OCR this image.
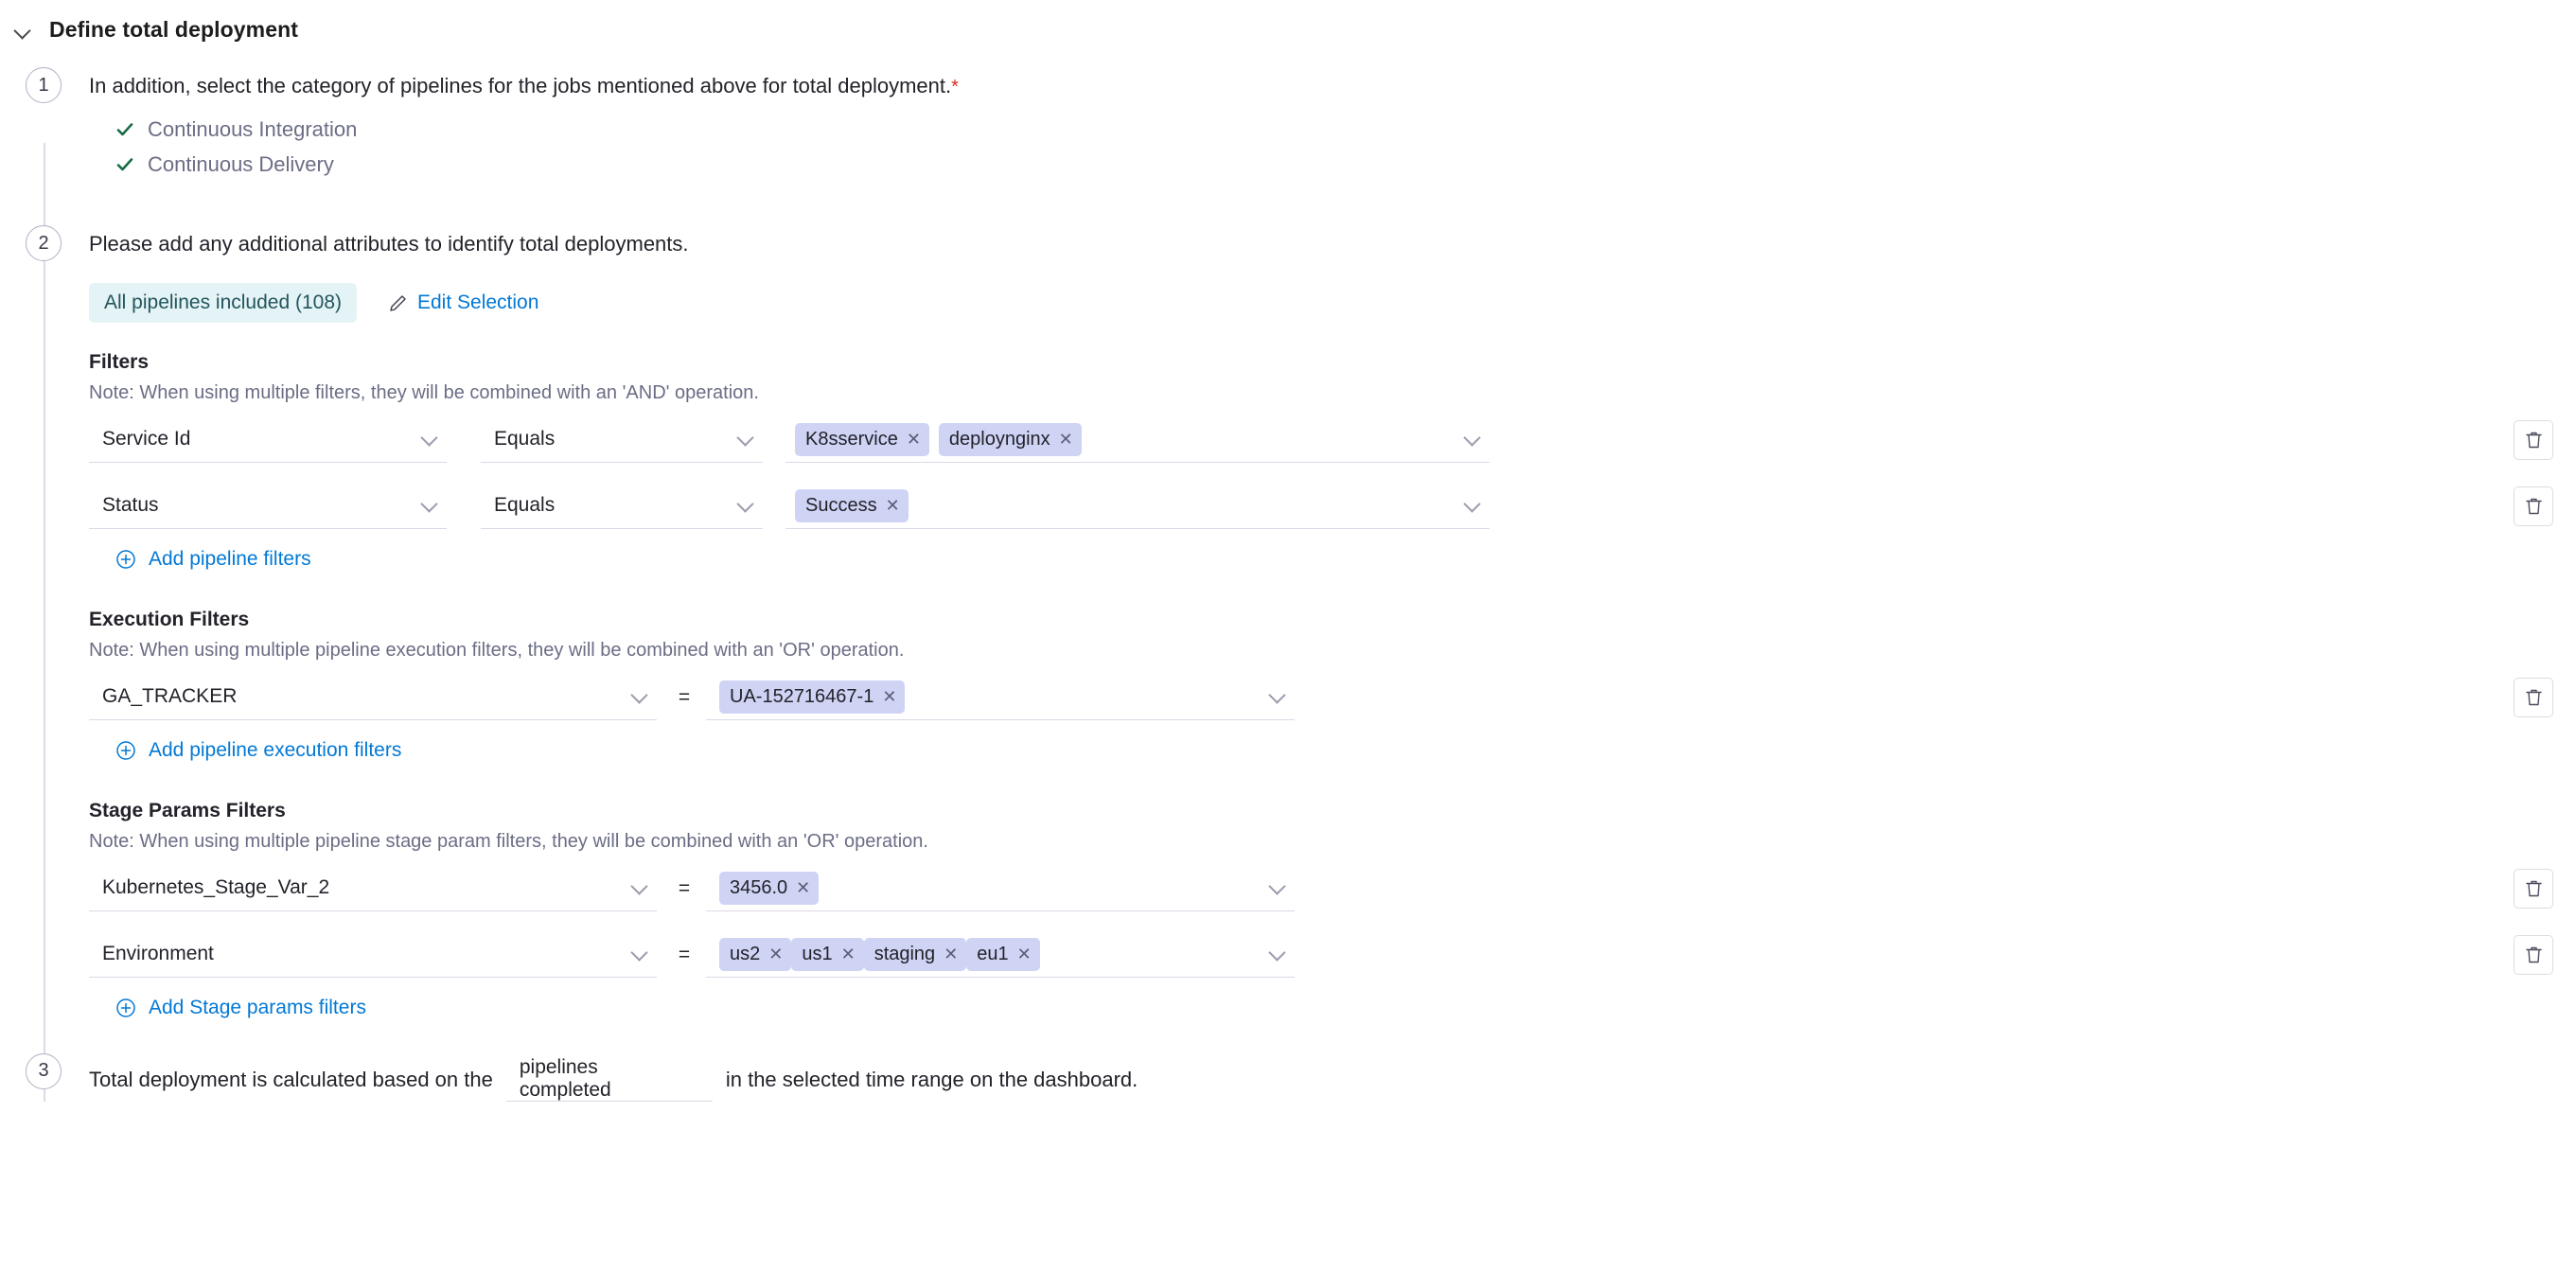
Define total deployment
1	In addition, select the category of pipelines for the jobs mentioned above for total deployment.*
Continuous Integration
Continuous Delivery
2	Please add any additional attributes to identify total deployments.
All pipelines included (108)	Edit Selection
Filters
Note: When using multiple filters, they will be combined with an 'AND' operation.
Service Id	Equals	K8sservice ✕ deploynginx ✕
Status	Equals	Success ✕
Add pipeline filters
Execution Filters
Note: When using multiple pipeline execution filters, they will be combined with an 'OR' operation.
GA_TRACKER	=	UA-152716467-1 ✕
Add pipeline execution filters
Stage Params Filters
Note: When using multiple pipeline stage param filters, they will be combined with an 'OR' operation.
Kubernetes_Stage_Var_2	=	3456.0 ✕
Environment	=	us2 ✕ us1 ✕ staging ✕ eu1 ✕
Add Stage params filters
3	Total deployment is calculated based on the pipelines completed	in the selected time range on the dashboard.
